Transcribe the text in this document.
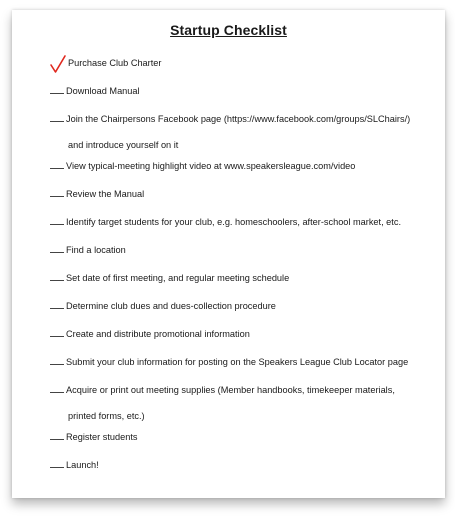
Startup Checklist
Purchase Club Charter
Download Manual
Join the Chairpersons Facebook page (https://www.facebook.com/groups/SLChairs/)
and introduce yourself on it
View typical-meeting highlight video at www.speakersleague.com/video
Review the Manual
Identify target students for your club, e.g. homeschoolers, after-school market, etc.
Find a location
Set date of first meeting, and regular meeting schedule
Determine club dues and dues-collection procedure
Create and distribute promotional information
Submit your club information for posting on the Speakers League Club Locator page
Acquire or print out meeting supplies (Member handbooks, timekeeper materials,
printed forms, etc.)
Register students
Launch!
